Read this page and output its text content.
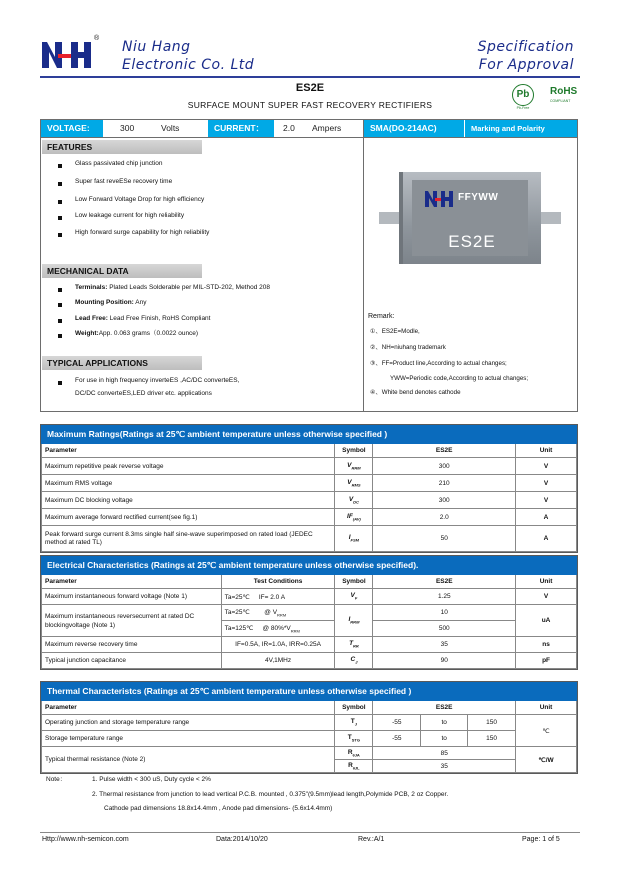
®
Niu Hang
Electronic Co. Ltd
Specification
For Approval
ES2E
SURFACE MOUNT SUPER FAST RECOVERY RECTIFIERS
Pb
Pb-Free
RoHS
COMPLIANT
VOLTAGE:	300	Volts	CURRENT：	2.0	Ampers	SMA(DO-214AC)	Marking and Polarity
FEATURES
Glass passivated chip junction
Super fast reveESe recovery time
Low Forward Voltage Drop for high efficiency
Low leakage current for high reliability
High forward surge capability for high reliability
MECHANICAL DATA
Terminals: Plated Leads Solderable per MIL-STD-202, Method 208
Mounting Position: Any
Lead Free: Lead Free Finish, RoHS Compliant
Weight:App. 0.063 grams（0.0022 ounce)
TYPICAL APPLICATIONS
For use in high frequency inverteES ,AC/DC converteES,
DC/DC converteES,LED driver etc. applications
FFYWW
ES2E
Remark:
①、ES2E=Modle,
②、NH=niuhang trademark
③、FF=Product line,According to actual changes;
YWW=Periodic code,According to actual changes;
④、White bend denotes cathode
Maximum Ratings(Ratings at 25℃ ambient temperature unless otherwise specified )			
Parameter	Symbol	ES2E	Unit
Maximum repetitive peak reverse voltage	$V_{RRM}$	300	V
Maximum RMS voltage	$V_{RMS}$	210	V
Maximum DC blocking voltage	$V_{DC}$	300	V
Maximum average forward rectified current(see fig.1)	$IF_{(AV)}$	2.0	A
Peak forward surge current 8.3ms single half sine-wave superimposed on rated load (JEDEC method at rated TL)	$I_{FSM}$	50	A
Electrical Characteristics (Ratings at 25℃ ambient temperature unless otherwise specified).				
Parameter	Test Conditions	Symbol	ES2E	Unit
Maximum instantaneous forward voltage (Note 1)	Ta=25℃ IF= 2.0 A	$V_F$	1.25	V
Maximum instantaneous reversecurrent at rated DC blockingvoltage (Note 1)	Ta=25℃ @ $V_{RRM}$	$I_{RRM}$	10	uA
	Ta=125℃ @ $80\%*V_{RRM}$		500	
Maximum reverse recovery time	IF=0.5A, IR=1.0A, IRR=0.25A	$T_{RR}$	35	ns
Typical junction capacitance	4V,1MHz	$C_J$	90	pF
Thermal Characteristcs (Ratings at 25℃ ambient temperature unless otherwise specified )					
Parameter	Symbol	ES2E			Unit
Operating junction and storage temperature range	$T_J$	-55	to	150	℃
Storage temperature range	$T_{STG}$	-55	to	150	
Typical thermal resistance (Note 2)	$R_{\theta JA}$	85			℃/W
	$R_{\theta JL}$	35			
Note：	1. Pulse width < 300 uS, Duty cycle < 2%
2. Thermal resistance from junction to lead vertical P.C.B. mounted , 0.375"(9.5mm)lead length,Polymide PCB, 2 oz Copper.
Cathode pad dimensions 18.8x14.4mm , Anode pad dimensions- (5.6x14.4mm)
Http://www.nh-semicon.com	Data:2014/10/20	Rev.:A/1	Page: 1 of 5
